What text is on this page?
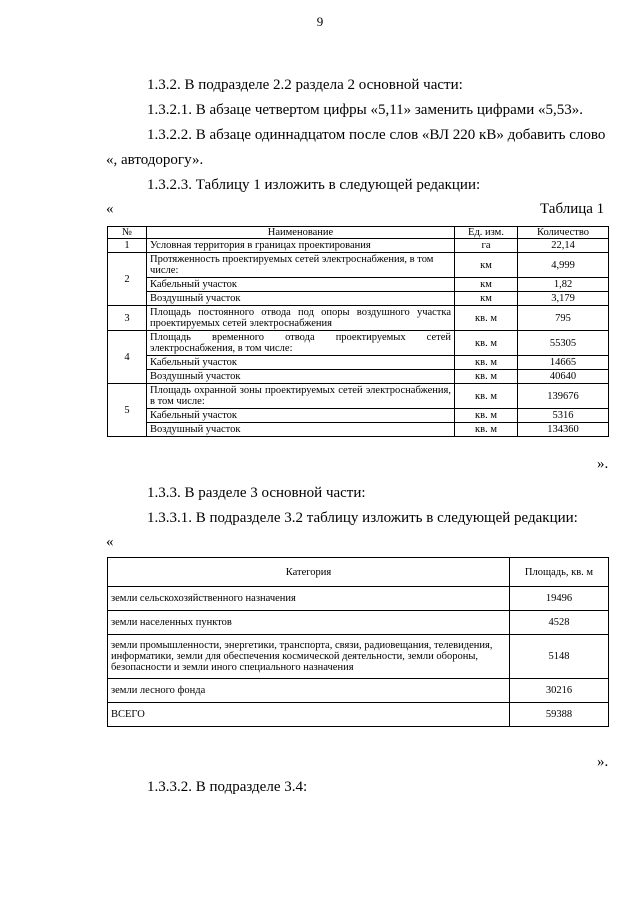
9
1.3.2. В подразделе 2.2 раздела 2 основной части:
1.3.2.1. В абзаце четвертом цифры «5,11» заменить цифрами «5,53».
1.3.2.2. В абзаце одиннадцатом после слов «ВЛ 220 кВ» добавить слово
«, автодорогу».
1.3.2.3. Таблицу 1 изложить в следующей редакции:
«	Таблица 1
№	Наименование	Ед. изм.	Количество
1	Условная территория в границах проектирования	га	22,14
2	Протяженность проектируемых сетей электроснабжения, в том числе:	км	4,999
	Кабельный участок	км	1,82
	Воздушный участок	км	3,179
3	Площадь постоянного отвода под опоры воздушного участка проектируемых сетей электроснабжения	кв. м	795
4	Площадь временного отвода проектируемых сетей электроснабжения, в том числе:	кв. м	55305
	Кабельный участок	кв. м	14665
	Воздушный участок	кв. м	40640
5	Площадь охранной зоны проектируемых сетей электроснабжения, в том числе:	кв. м	139676
	Кабельный участок	кв. м	5316
	Воздушный участок	кв. м	134360
».
1.3.3. В разделе 3 основной части:
1.3.3.1. В подразделе 3.2 таблицу изложить в следующей редакции:
«
Категория	Площадь, кв. м
земли сельскохозяйственного назначения	19496
земли населенных пунктов	4528
земли промышленности, энергетики, транспорта, связи, радиовещания, телевидения, информатики, земли для обеспечения космической деятельности, земли обороны, безопасности и земли иного специального назначения	5148
земли лесного фонда	30216
ВСЕГО	59388
».
1.3.3.2. В подразделе 3.4:
